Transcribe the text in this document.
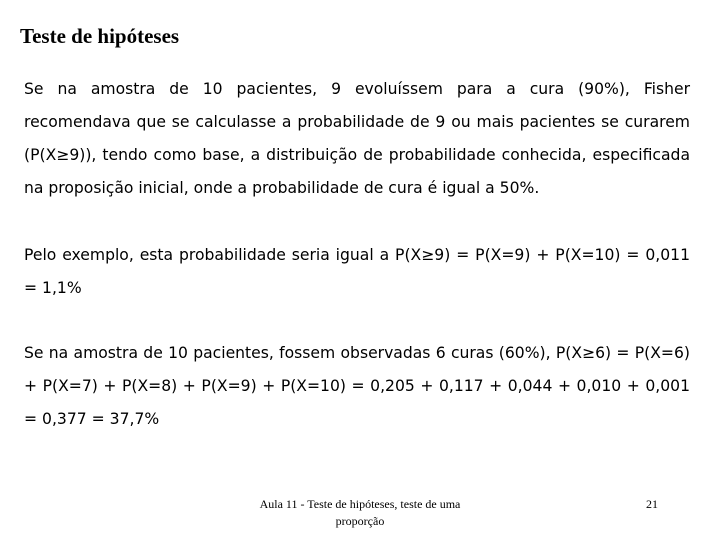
Teste de hipóteses
Se na amostra de 10 pacientes, 9 evoluíssem para a cura (90%), Fisher recomendava que se calculasse a probabilidade de 9 ou mais pacientes se curarem (P(X≥9)), tendo como base, a distribuição de probabilidade conhecida, especificada na proposição inicial, onde a probabilidade de cura é igual a 50%.
Pelo exemplo, esta probabilidade seria igual a P(X≥9) = P(X=9) + P(X=10) = 0,011 = 1,1%
Se na amostra de 10 pacientes, fossem observadas 6 curas (60%), P(X≥6) = P(X=6) + P(X=7) + P(X=8) + P(X=9) + P(X=10) = 0,205 + 0,117 + 0,044 + 0,010 + 0,001 = 0,377 = 37,7%
Aula 11 - Teste de hipóteses, teste de uma proporção
21
